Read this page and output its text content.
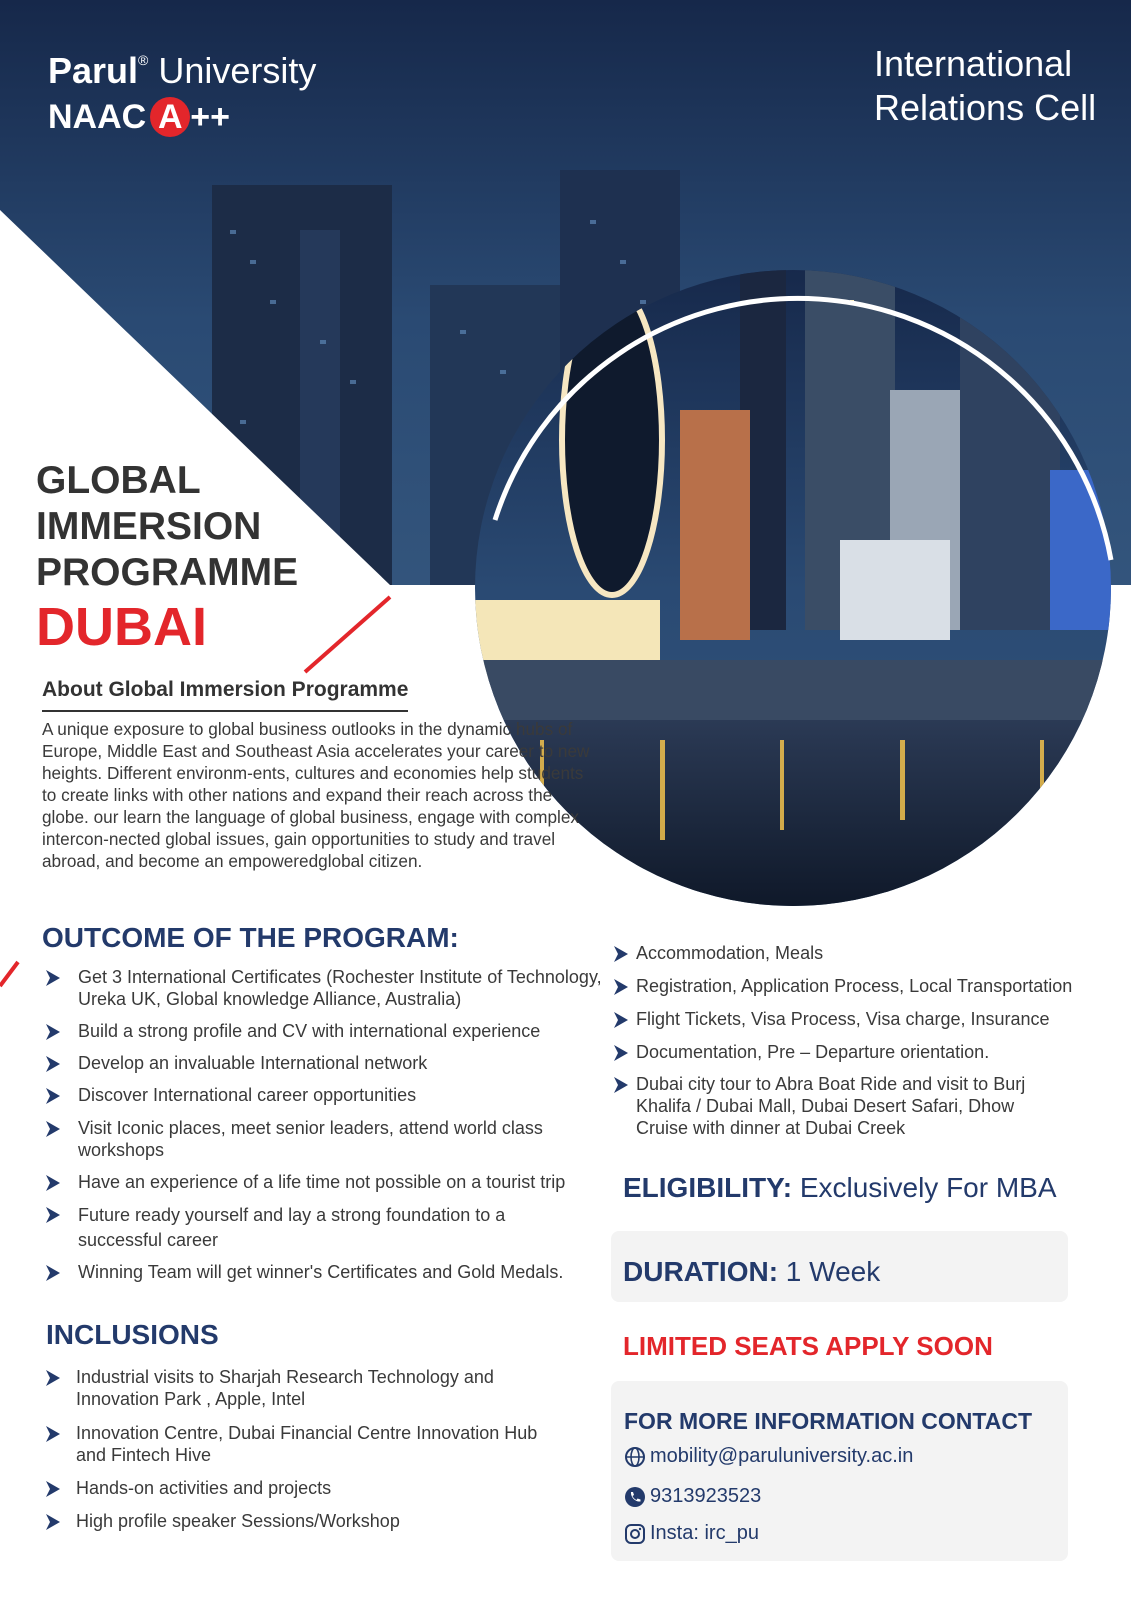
Parul® University
NAAC A ++
International
Relations Cell
GLOBAL
IMMERSION
PROGRAMME
DUBAI
About Global Immersion Programme

A unique exposure to global business outlooks in the dynamic hubs of Europe, Middle East and Southeast Asia accelerates your career to new heights. Different environm-ents, cultures and economies help students to create links with other nations and expand their reach across the globe. our learn the language of global business, engage with complex intercon-nected global issues, gain opportunities to study and travel abroad, and become an empoweredglobal citizen.

OUTCOME OF THE PROGRAM:
Get 3 International Certificates (Rochester Institute of Technology, Ureka UK, Global knowledge Alliance, Australia)
Build a strong profile and CV with international experience
Develop an invaluable International network
Discover International career opportunities
Visit Iconic places, meet senior leaders, attend world class workshops
Have an experience of a life time not possible on a tourist trip
Future ready yourself and lay a strong foundation to a successful career
Winning Team will get winner's Certificates and Gold Medals.
INCLUSIONS
Industrial visits to Sharjah Research Technology and Innovation Park , Apple, Intel
Innovation Centre, Dubai Financial Centre Innovation Hub and Fintech Hive
Hands-on activities and projects
High profile speaker Sessions/Workshop
Accommodation, Meals
Registration, Application Process, Local Transportation
Flight Tickets, Visa Process, Visa charge, Insurance
Documentation, Pre – Departure orientation.
Dubai city tour to Abra Boat Ride and visit to Burj Khalifa / Dubai Mall, Dubai Desert Safari, Dhow Cruise with dinner at Dubai Creek
ELIGIBILITY: Exclusively For MBA
DURATION: 1 Week
LIMITED SEATS APPLY SOON
FOR MORE INFORMATION CONTACT
mobility@paruluniversity.ac.in
9313923523
Insta: irc_pu
